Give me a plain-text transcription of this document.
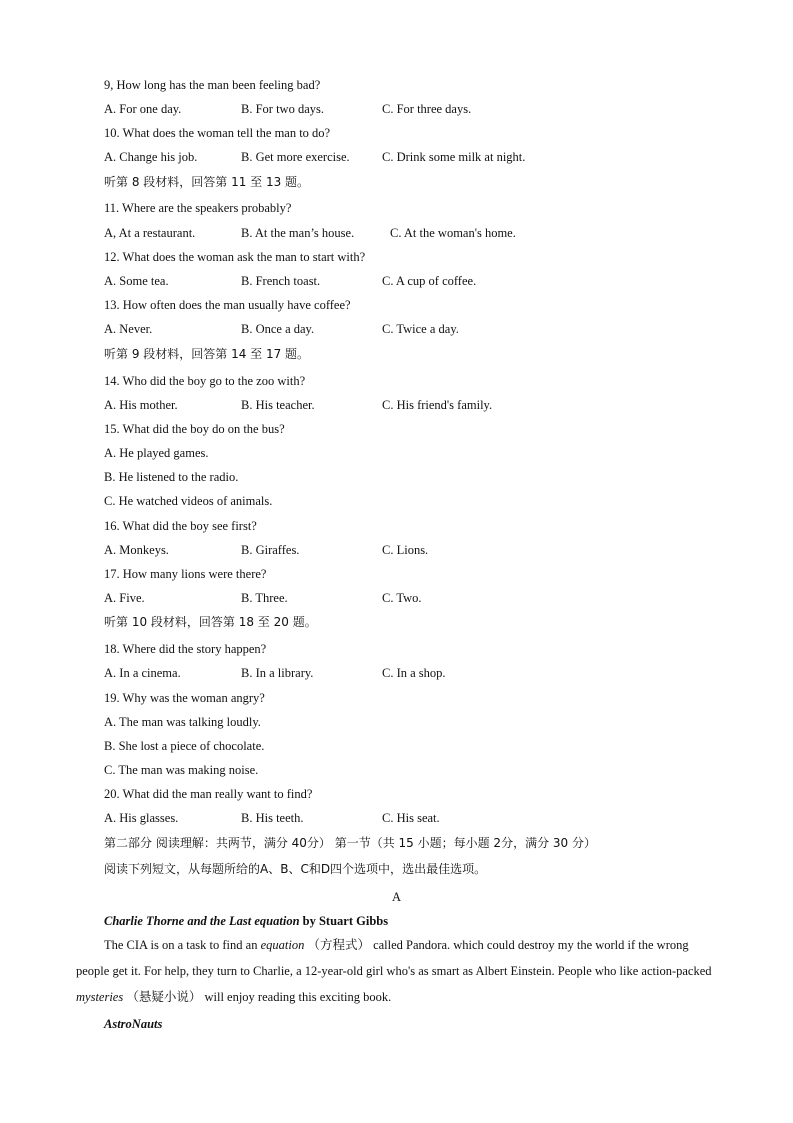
9, How long has the man been feeling bad?
A. For one day.	B. For two days.	C. For three days.
10. What does the woman tell the man to do?
A. Change his job.	B. Get more exercise.	C. Drink some milk at night.
听第 8 段材料，回答第 11 至 13 题。
11. Where are the speakers probably?
A, At a restaurant.	B. At the man’s house.	C. At the woman's home.
12. What does the woman ask the man to start with?
A. Some tea.	B. French toast.	C. A cup of coffee.
13. How often does the man usually have coffee?
A. Never.	B. Once a day.	C. Twice a day.
听第 9 段材料，回答第 14 至 17 题。
14. Who did the boy go to the zoo with?
A. His mother.	B. His teacher.	C. His friend's family.
15. What did the boy do on the bus?
A. He played games.
B. He listened to the radio.
C. He watched videos of animals.
16. What did the boy see first?
A. Monkeys.	B. Giraffes.	C. Lions.
17. How many lions were there?
A. Five.	B. Three.	C. Two.
听第 10 段材料，回答第 18 至 20 题。
18. Where did the story happen?
A. In a cinema.	B. In a library.	C. In a shop.
19. Why was the woman angry?
A. The man was talking loudly.
B. She lost a piece of chocolate.
C. The man was making noise.
20. What did the man really want to find?
A. His glasses.	B. His teeth.	C. His seat.
第二部分 阅读理解：共两节，满分 40分） 第一节（共 15 小题；每小题 2分，满分 30 分）
阅读下列短文，从每题所给的A、B、C和D四个选项中，选出最佳选项。
A
Charlie Thorne and the Last equation by Stuart Gibbs
The CIA is on a task to find an equation （方程式） called Pandora. which could destroy my the world if the wrong people get it. For help, they turn to Charlie, a 12-year-old girl who's as smart as Albert Einstein. People who like action-packed mysteries （悬疑小说） will enjoy reading this exciting book.
AstroNauts
